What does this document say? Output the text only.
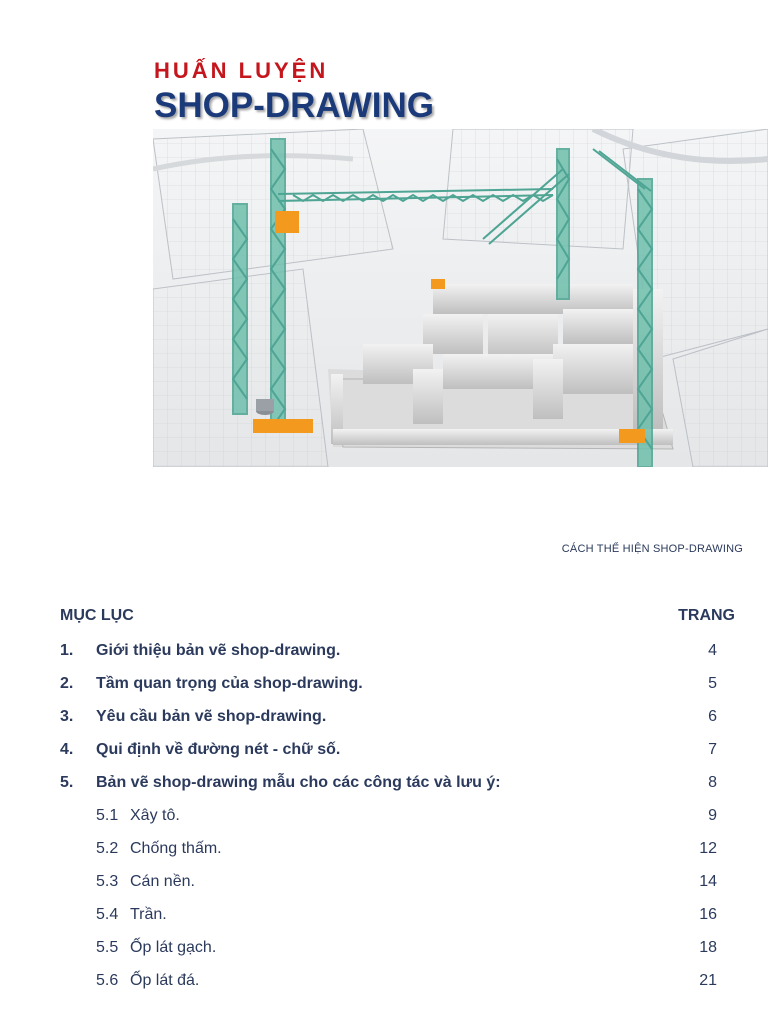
HUẤN LUYỆN
SHOP-DRAWING
CÁCH THỂ HIỆN SHOP-DRAWING
MỤC LỤC	TRANG
1.	Giới thiệu bản vẽ shop-drawing.	4
2.	Tầm quan trọng của shop-drawing.	5
3.	Yêu cầu bản vẽ shop-drawing.	6
4.	Qui định về đường nét - chữ số.	7
5.	Bản vẽ shop-drawing mẫu cho các công tác và lưu ý:	8
5.1 Xây tô.	9
5.2 Chống thấm.	12
5.3 Cán nền.	14
5.4 Trần.	16
5.5 Ốp lát gạch.	18
5.6 Ốp lát đá.	21
